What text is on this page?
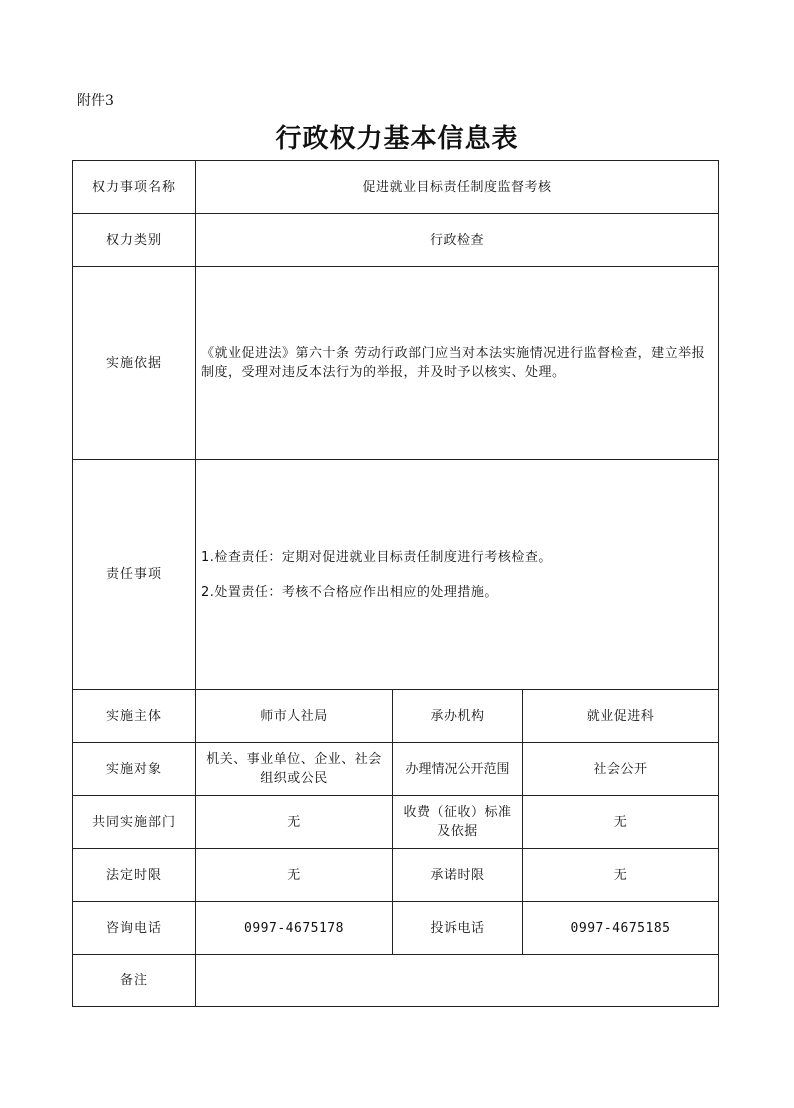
附件3
行政权力基本信息表
权力事项名称	促进就业目标责任制度监督考核		
权力类别	行政检查		
实施依据	《就业促进法》第六十条 劳动行政部门应当对本法实施情况进行监督检查，建立举报制度，受理对违反本法行为的举报，并及时予以核实、处理。		
责任事项	1.检查责任：定期对促进就业目标责任制度进行考核检查。
2.处置责任：考核不合格应作出相应的处理措施。		

实施主体	师市人社局	承办机构	就业促进科
实施对象	机关、事业单位、企业、社会组织或公民	办理情况公开范围	社会公开
共同实施部门	无	收费（征收）标准及依据	无
法定时限	无	承诺时限	无
咨询电话	0997-4675178	投诉电话	0997-4675185
备注			
